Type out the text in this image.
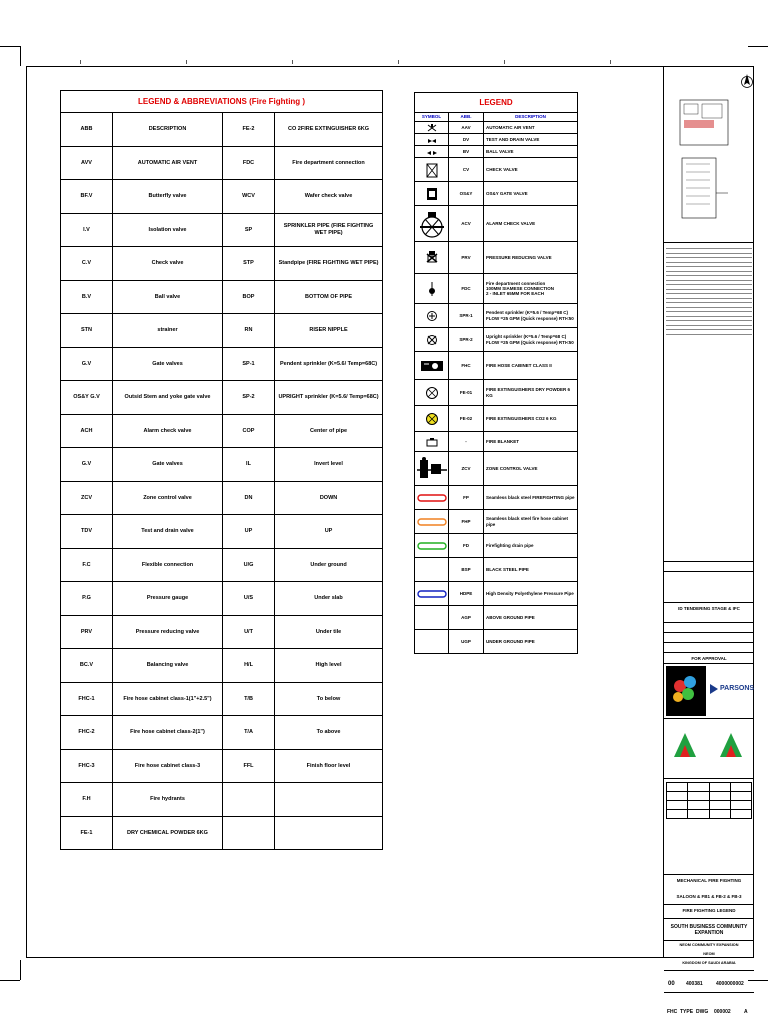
LEGEND & ABBREVIATIONS (Fire Fighting )			
ABB	DESCRIPTION	FE-2	CO 2FIRE EXTINGUISHER 6KG
AVV	AUTOMATIC AIR VENT	FDC	Fire department connection
BF.V	Butterfly valve	WCV	Wafer check valve
I.V	Isolation valve	SP	SPRINKLER PIPE (FIRE FIGHTING WET PIPE)
C.V	Check valve	STP	Standpipe (FIRE FIGHTING WET PIPE)
B.V	Ball valve	BOP	BOTTOM OF PIPE
STN	strainer	RN	RISER NIPPLE
G.V	Gate valves	SP-1	Pendent sprinkler (K=5.6/ Temp=68C)
OS&Y G.V	Outsid Stem and yoke gate valve	SP-2	UPRIGHT sprinkler (K=5.6/ Temp=68C)
ACH	Alarm check valve	COP	Center of pipe
G.V	Gate valves	IL	Invert level
ZCV	Zone control valve	DN	DOWN
TDV	Test and drain valve	UP	UP
F.C	Flexible connection	U/G	Under ground
P.G	Pressure gauge	U/S	Under slab
PRV	Pressure reducing valve	U/T	Under tile
BC.V	Balancing valve	H/L	High level
FHC-1	Fire hose cabinet class-1(1"+2.5")	T/B	To below
FHC-2	Fire hose cabinet class-2(1")	T/A	To above
FHC-3	Fire hose cabinet class-3	FFL	Finish floor level
F.H	Fire hydrants		
FE-1	DRY CHEMICAL POWDER 6KG		
LEGEND		
SYMBOL	ABB.	DESCRIPTION
	AAV	AUTOMATIC AIR VENT
	DV	TEST AND DRAIN VALVE
	BV	BALL VALVE
	CV	CHECK VALVE
	OS&Y	OS&Y GATE VALVE
	ACV	ALARM CHECK VALVE
	PRV	PRESSURE REDUCING VALVE
	FDC	Fire department connection
100MM SIAMESE CONNECTION
2 - INLET 65MM FOR EACH
	SPR-1	Pendent sprinkler (K=5.6 / Temp=68 C)
FLOW =25 GPM (Quick response) RTI<50
	SPR-2	Upright sprinkler (K=5.6 / Temp=68 C)
FLOW =25 GPM (Quick response) RTI<50
	FHC	FIRE HOSE CABINET CLASS II
	FE-01	FIRE EXTINGUISHERS DRY POWDER 6 KG
	FE-02	FIRE EXTINGUISHERS CO2 6 KG
	-	FIRE BLANKET
	ZCV	ZONE CONTROL VALVE
	FP	Seamless black steel FIREFIGHTING pipe
	FHP	Seamless black steel fire hose cabinet pipe
	FD	Firefighting drain pipe
	BSP	BLACK STEEL PIPE
	HDPE	High Density Polyethylene Pressure Pipe
	AGP	ABOVE GROUND PIPE
	UGP	UNDER GROUND PIPE

ID TENDERING STAGE & IFC
FOR APPROVAL
PARSONS

MECHANICAL FIRE FIGHTING
SALOON & FB1 & FB-2 & FB-3
FIRE FIGHTING LEGEND
SOUTH BUSINESS COMMUNITY EXPANTION
NEOM COMMUNITY EXPANSION
NEOM
KINGDOM OF SAUDI ARABIA
00 400381	4000000002
FHC TYPE DWG 000002	A
